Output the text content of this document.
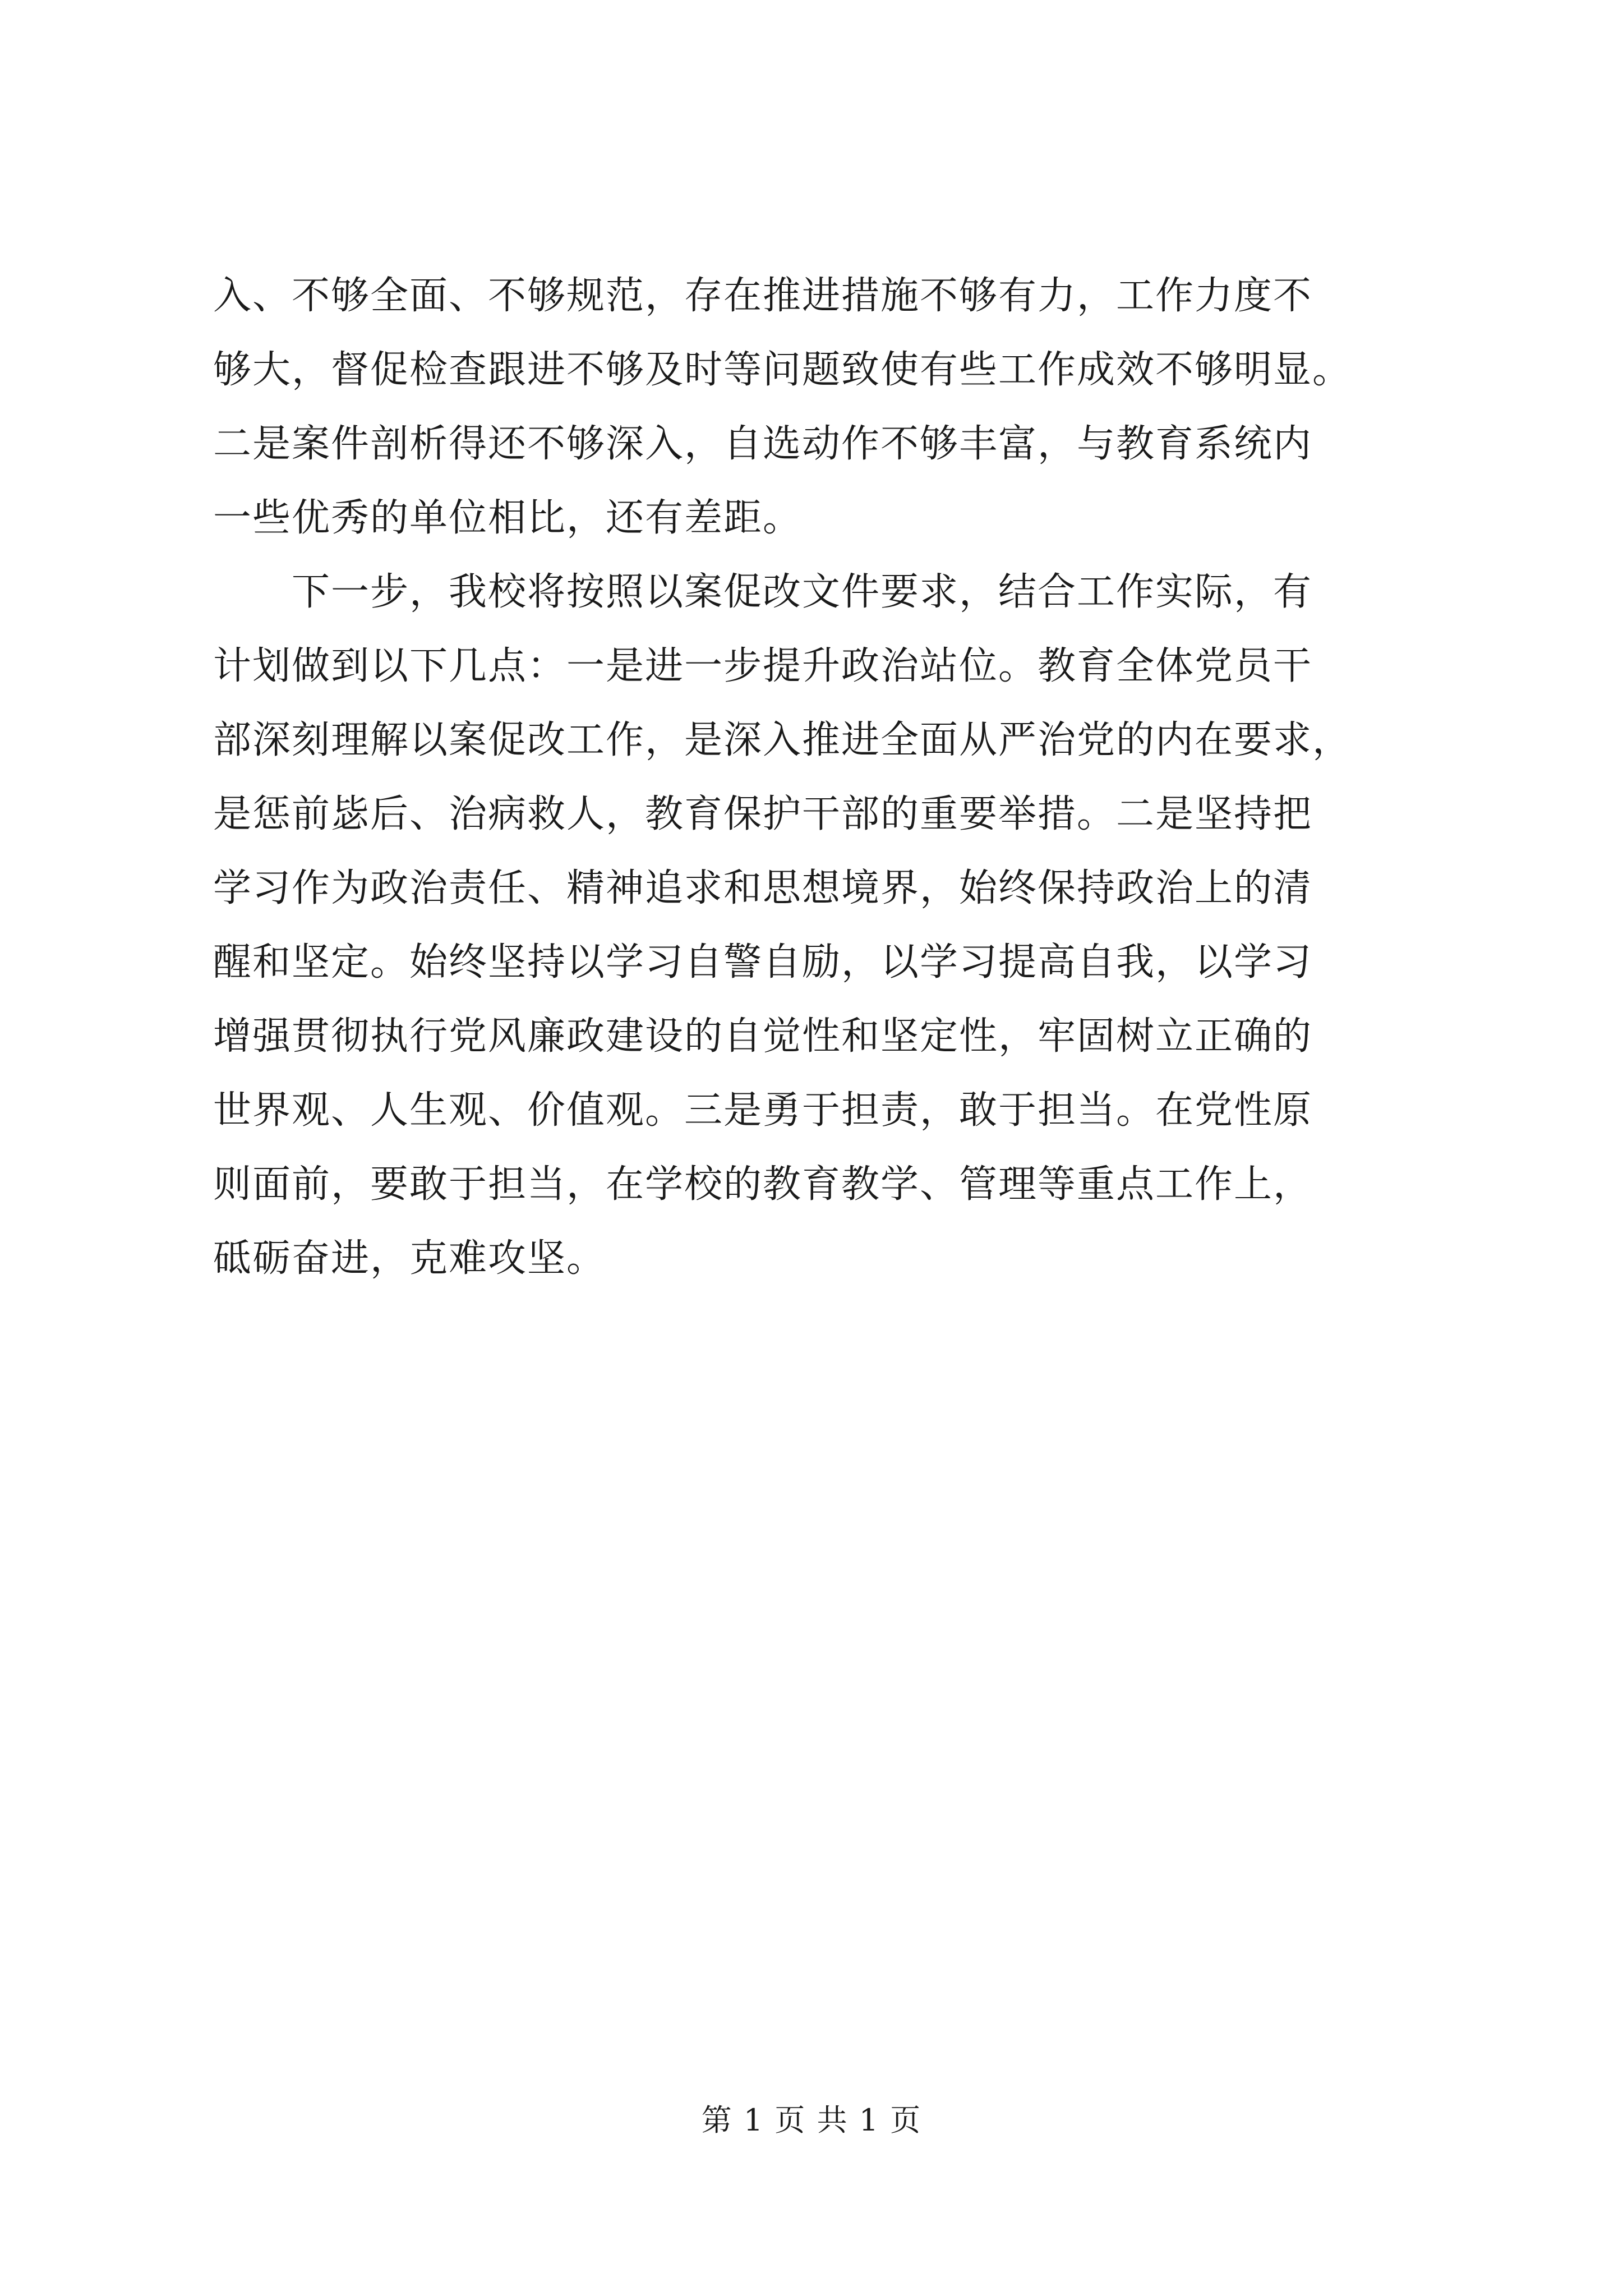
入、不够全面、不够规范，存在推进措施不够有力，工作力度不
够大，督促检查跟进不够及时等问题致使有些工作成效不够明显。
二是案件剖析得还不够深入，自选动作不够丰富，与教育系统内
一些优秀的单位相比，还有差距。
　　下一步，我校将按照以案促改文件要求，结合工作实际，有
计划做到以下几点：一是进一步提升政治站位。教育全体党员干
部深刻理解以案促改工作，是深入推进全面从严治党的内在要求，
是惩前毖后、治病救人，教育保护干部的重要举措。二是坚持把
学习作为政治责任、精神追求和思想境界，始终保持政治上的清
醒和坚定。始终坚持以学习自警自励，以学习提高自我，以学习
增强贯彻执行党风廉政建设的自觉性和坚定性，牢固树立正确的
世界观、人生观、价值观。三是勇于担责，敢于担当。在党性原
则面前，要敢于担当，在学校的教育教学、管理等重点工作上，
砥砺奋进，克难攻坚。
第 1 页 共 1 页
